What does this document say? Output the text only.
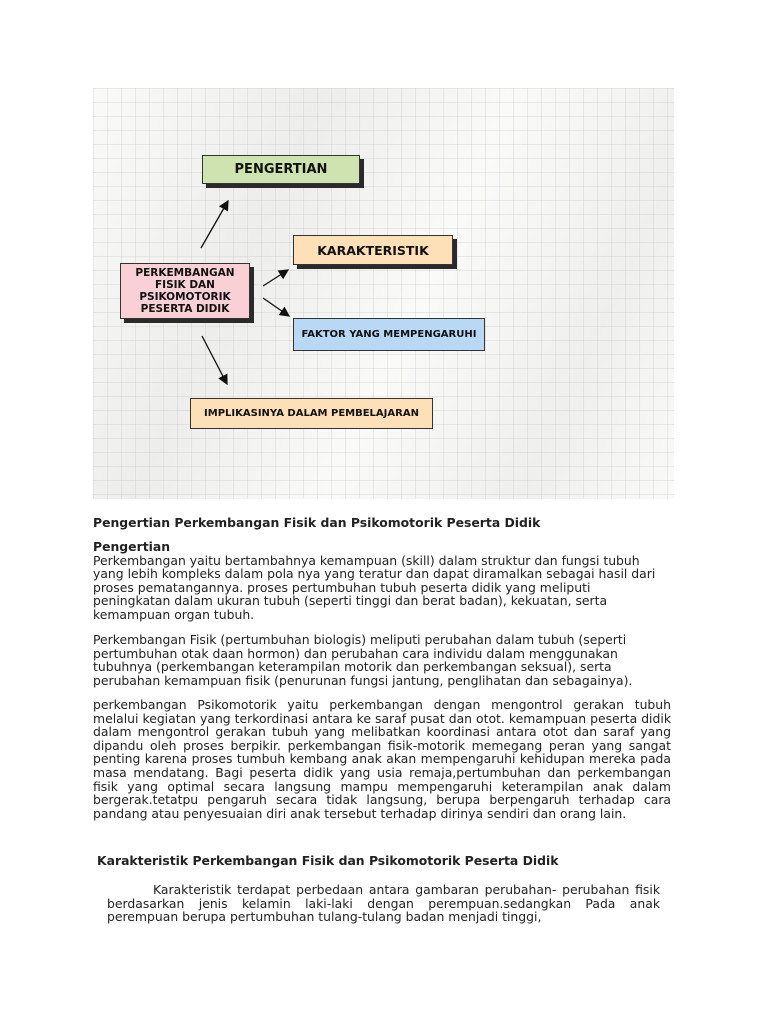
PENGERTIAN
KARAKTERISTIK
PERKEMBANGAN FISIK DAN PSIKOMOTORIK PESERTA DIDIK
FAKTOR YANG MEMPENGARUHI
IMPLIKASINYA DALAM PEMBELAJARAN

Pengertian Perkembangan Fisik dan Psikomotorik Peserta Didik

Pengertian

Perkembangan yaitu bertambahnya kemampuan (skill) dalam struktur dan fungsi tubuh yang lebih kompleks dalam pola nya yang teratur dan dapat diramalkan sebagai hasil dari proses pematangannya. proses pertumbuhan tubuh peserta didik yang meliputi peningkatan dalam ukuran tubuh (seperti tinggi dan berat badan), kekuatan, serta kemampuan organ tubuh.

Perkembangan Fisik (pertumbuhan biologis) meliputi perubahan dalam tubuh (seperti pertumbuhan otak daan hormon) dan perubahan cara individu dalam menggunakan tubuhnya (perkembangan keterampilan motorik dan perkembangan seksual), serta perubahan kemampuan fisik (penurunan fungsi jantung, penglihatan dan sebagainya).

perkembangan Psikomotorik yaitu perkembangan dengan mengontrol gerakan tubuh melalui kegiatan yang terkordinasi antara ke saraf pusat dan otot. kemampuan peserta didik dalam mengontrol gerakan tubuh yang melibatkan koordinasi antara otot dan saraf yang dipandu oleh proses berpikir. perkembangan fisik-motorik memegang peran yang sangat penting karena proses tumbuh kembang anak akan mempengaruhi kehidupan mereka pada masa mendatang. Bagi peserta didik yang usia remaja,pertumbuhan dan perkembangan fisik yang optimal secara langsung mampu mempengaruhi keterampilan anak dalam bergerak.tetatpu pengaruh secara tidak langsung, berupa berpengaruh terhadap cara pandang atau penyesuaian diri anak tersebut terhadap dirinya sendiri dan orang lain.

Karakteristik Perkembangan Fisik dan Psikomotorik Peserta Didik

Karakteristik terdapat perbedaan antara gambaran perubahan- perubahan fisik berdasarkan jenis kelamin laki-laki dengan perempuan.sedangkan Pada anak perempuan berupa pertumbuhan tulang-tulang badan menjadi tinggi,
